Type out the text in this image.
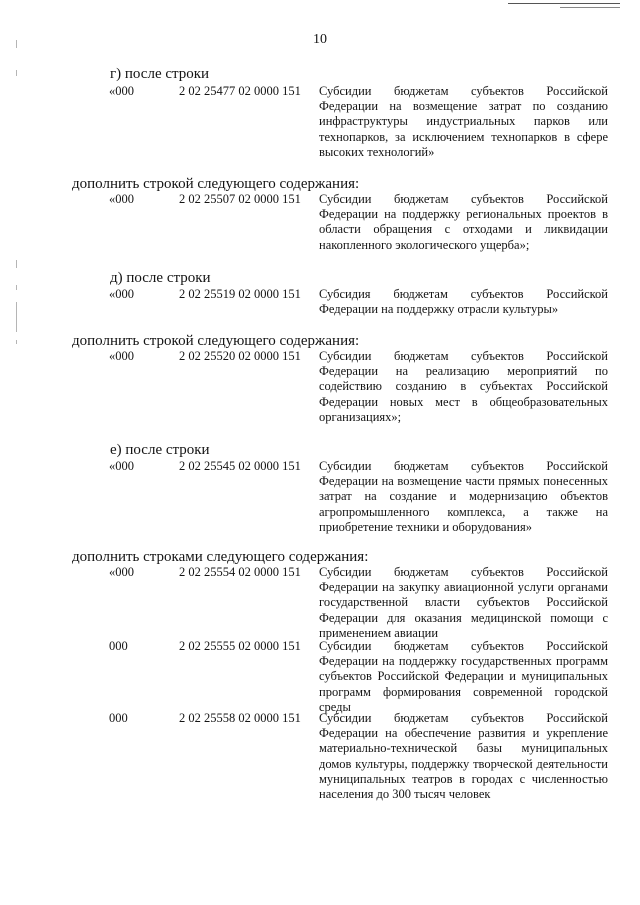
10
г) после строки
«000	2 02 25477 02 0000 151	Субсидии бюджетам субъектов Российской Федерации на возмещение затрат по созданию инфраструктуры индустриальных парков или технопарков, за исключением технопарков в сфере высоких технологий»
дополнить строкой следующего содержания:
«000	2 02 25507 02 0000 151	Субсидии бюджетам субъектов Российской Федерации на поддержку региональных проектов в области обращения с отходами и ликвидации накопленного экологического ущерба»;
д) после строки
«000	2 02 25519 02 0000 151	Субсидия бюджетам субъектов Российской Федерации на поддержку отрасли культуры»
дополнить строкой следующего содержания:
«000	2 02 25520 02 0000 151	Субсидии бюджетам субъектов Российской Федерации на реализацию мероприятий по содействию созданию в субъектах Российской Федерации новых мест в общеобразовательных организациях»;
е) после строки
«000	2 02 25545 02 0000 151	Субсидии бюджетам субъектов Российской Федерации на возмещение части прямых понесенных затрат на создание и модернизацию объектов агропромышленного комплекса, а также на приобретение техники и оборудования»
дополнить строками следующего содержания:
«000	2 02 25554 02 0000 151	Субсидии бюджетам субъектов Российской Федерации на закупку авиационной услуги органами государственной власти субъектов Российской Федерации для оказания медицинской помощи с применением авиации
000	2 02 25555 02 0000 151	Субсидии бюджетам субъектов Российской Федерации на поддержку государственных программ субъектов Российской Федерации и муниципальных программ формирования современной городской среды
000	2 02 25558 02 0000 151	Субсидии бюджетам субъектов Российской Федерации на обеспечение развития и укрепление материально-технической базы муниципальных домов культуры, поддержку творческой деятельности муниципальных театров в городах с численностью населения до 300 тысяч человек
